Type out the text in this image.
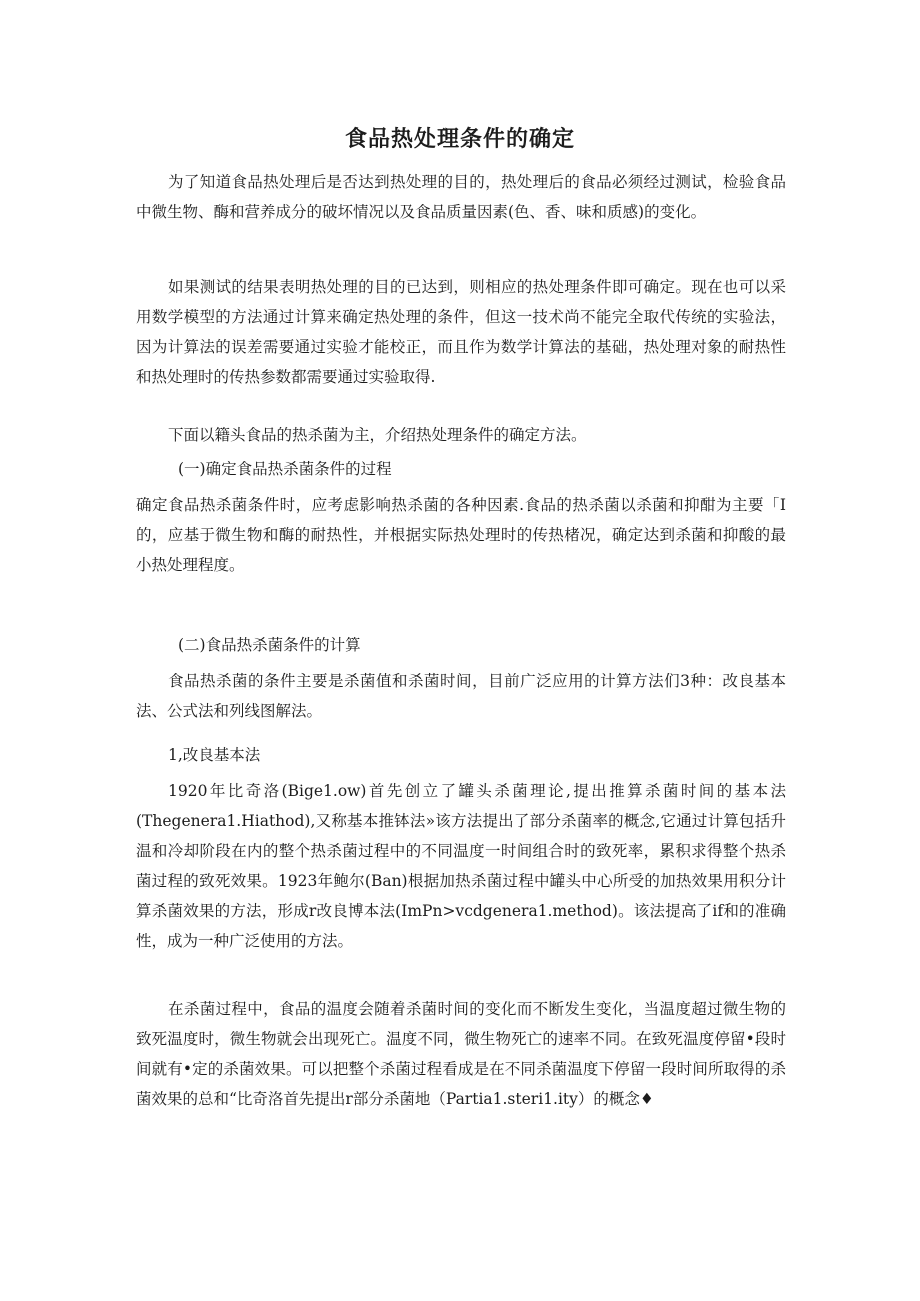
食品热处理条件的确定

为了知道食品热处理后是否达到热处理的目的，热处理后的食品必须经过测试，检验食品中微生物、酶和营养成分的破坏情况以及食品质量因素(色、香、味和质感)的变化。

如果测试的结果表明热处理的目的已达到，则相应的热处理条件即可确定。现在也可以采用数学模型的方法通过计算来确定热处理的条件，但这一技术尚不能完全取代传统的实验法，因为计算法的误差需要通过实验才能校正，而且作为数学计算法的基础，热处理对象的耐热性和热处理时的传热参数都需要通过实验取得.

下面以籍头食品的热杀菌为主，介绍热处理条件的确定方法。

(一)确定食品热杀菌条件的过程

确定食品热杀菌条件时，应考虑影响热杀菌的各种因素.食品的热杀菌以杀菌和抑酣为主要「I的，应基于微生物和酶的耐热性，并根据实际热处理时的传热楮况，确定达到杀菌和抑酸的最小热处理程度。

(二)食品热杀菌条件的计算

食品热杀菌的条件主要是杀菌值和杀菌时间，目前广泛应用的计算方法们3种：改良基本法、公式法和列线图解法。

1,改良基本法

1920年比奇洛(Bige1.ow)首先创立了罐头杀菌理论,提出推算杀菌时间的基本法(Thegenera1.Hiathod),又称基本推钵法»该方法提出了部分杀菌率的概念,它通过计算包括升温和冷却阶段在内的整个热杀菌过程中的不同温度一时间组合时的致死率，累积求得整个热杀菌过程的致死效果。1923年鲍尔(Ban)根据加热杀菌过程中罐头中心所受的加热效果用积分计算杀菌效果的方法，形成r改良博本法(ImPn>vcdgenera1.method)。该法提高了if和的准确性，成为一种广泛使用的方法。

在杀菌过程中，食品的温度会随着杀菌时间的变化而不断发生变化，当温度超过微生物的致死温度时，微生物就会出现死亡。温度不同，微生物死亡的速率不同。在致死温度停留•段时间就有•定的杀菌效果。可以把整个杀菌过程看成是在不同杀菌温度下停留一段时间所取得的杀菌效果的总和“比奇洛首先提出r部分杀菌地（Partia1.steri1.ity）的概念♦
